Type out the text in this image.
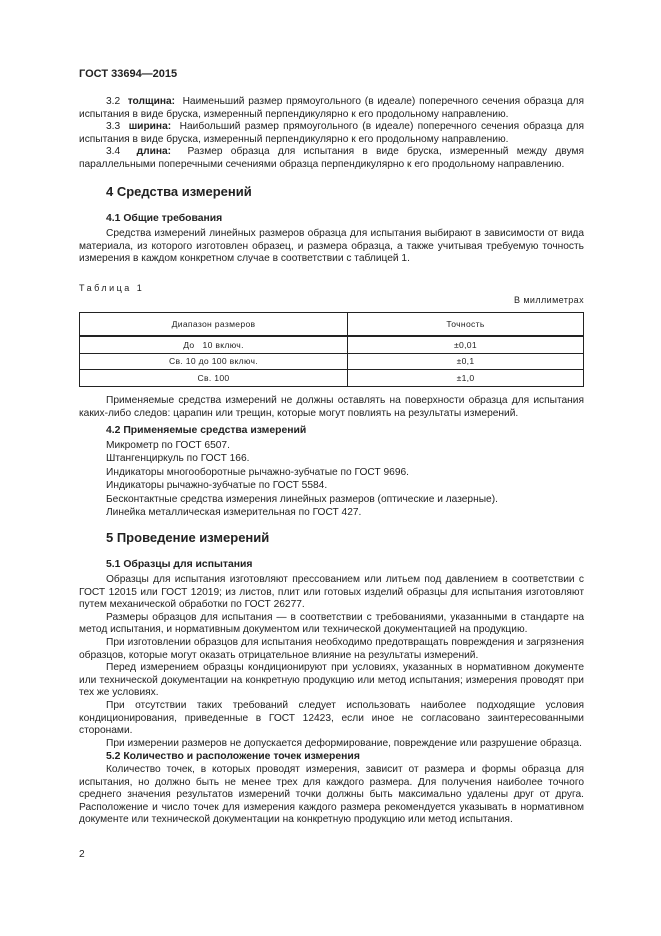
ГОСТ 33694—2015

3.2 толщина: Наименьший размер прямоугольного (в идеале) поперечного сечения образца для испытания в виде бруска, измеренный перпендикулярно к его продольному направлению.

3.3 ширина: Наибольший размер прямоугольного (в идеале) поперечного сечения образца для испытания в виде бруска, измеренный перпендикулярно к его продольному направлению.

3.4 длина: Размер образца для испытания в виде бруска, измеренный между двумя параллельными поперечными сечениями образца перпендикулярно к его продольному направлению.

4 Средства измерений
4.1 Общие требования

Средства измерений линейных размеров образца для испытания выбирают в зависимости от вида материала, из которого изготовлен образец, и размера образца, а также учитывая требуемую точность измерения в каждом конкретном случае в соответствии с таблицей 1.

Таблица 1
В миллиметрах
Диапазон размеров	Точность
До   10 включ.	±0,01
Св. 10 до 100 включ.	±0,1
Св. 100	±1,0

Применяемые средства измерений не должны оставлять на поверхности образца для испытания каких-либо следов: царапин или трещин, которые могут повлиять на результаты измерений.

4.2 Применяемые средства измерений
Микрометр по ГОСТ 6507.
Штангенциркуль по ГОСТ 166.
Индикаторы многооборотные рычажно-зубчатые по ГОСТ 9696.
Индикаторы рычажно-зубчатые по ГОСТ 5584.
Бесконтактные средства измерения линейных размеров (оптические и лазерные).
Линейка металлическая измерительная по ГОСТ 427.
5 Проведение измерений
5.1 Образцы для испытания

Образцы для испытания изготовляют прессованием или литьем под давлением в соответствии с ГОСТ 12015 или ГОСТ 12019; из листов, плит или готовых изделий образцы для испытания изготовляют путем механической обработки по ГОСТ 26277.

Размеры образцов для испытания — в соответствии с требованиями, указанными в стандарте на метод испытания, и нормативным документом или технической документацией на продукцию.

При изготовлении образцов для испытания необходимо предотвращать повреждения и загрязнения образцов, которые могут оказать отрицательное влияние на результаты измерений.

Перед измерением образцы кондиционируют при условиях, указанных в нормативном документе или технической документации на конкретную продукцию или метод испытания; измерения проводят при тех же условиях.

При отсутствии таких требований следует использовать наиболее подходящие условия кондиционирования, приведенные в ГОСТ 12423, если иное не согласовано заинтересованными сторонами.

При измерении размеров не допускается деформирование, повреждение или разрушение образца.

5.2 Количество и расположение точек измерения

Количество точек, в которых проводят измерения, зависит от размера и формы образца для испытания, но должно быть не менее трех для каждого размера. Для получения наиболее точного среднего значения результатов измерений точки должны быть максимально удалены друг от друга. Расположение и число точек для измерения каждого размера рекомендуется указывать в нормативном документе или технической документации на конкретную продукцию или метод испытания.

2
